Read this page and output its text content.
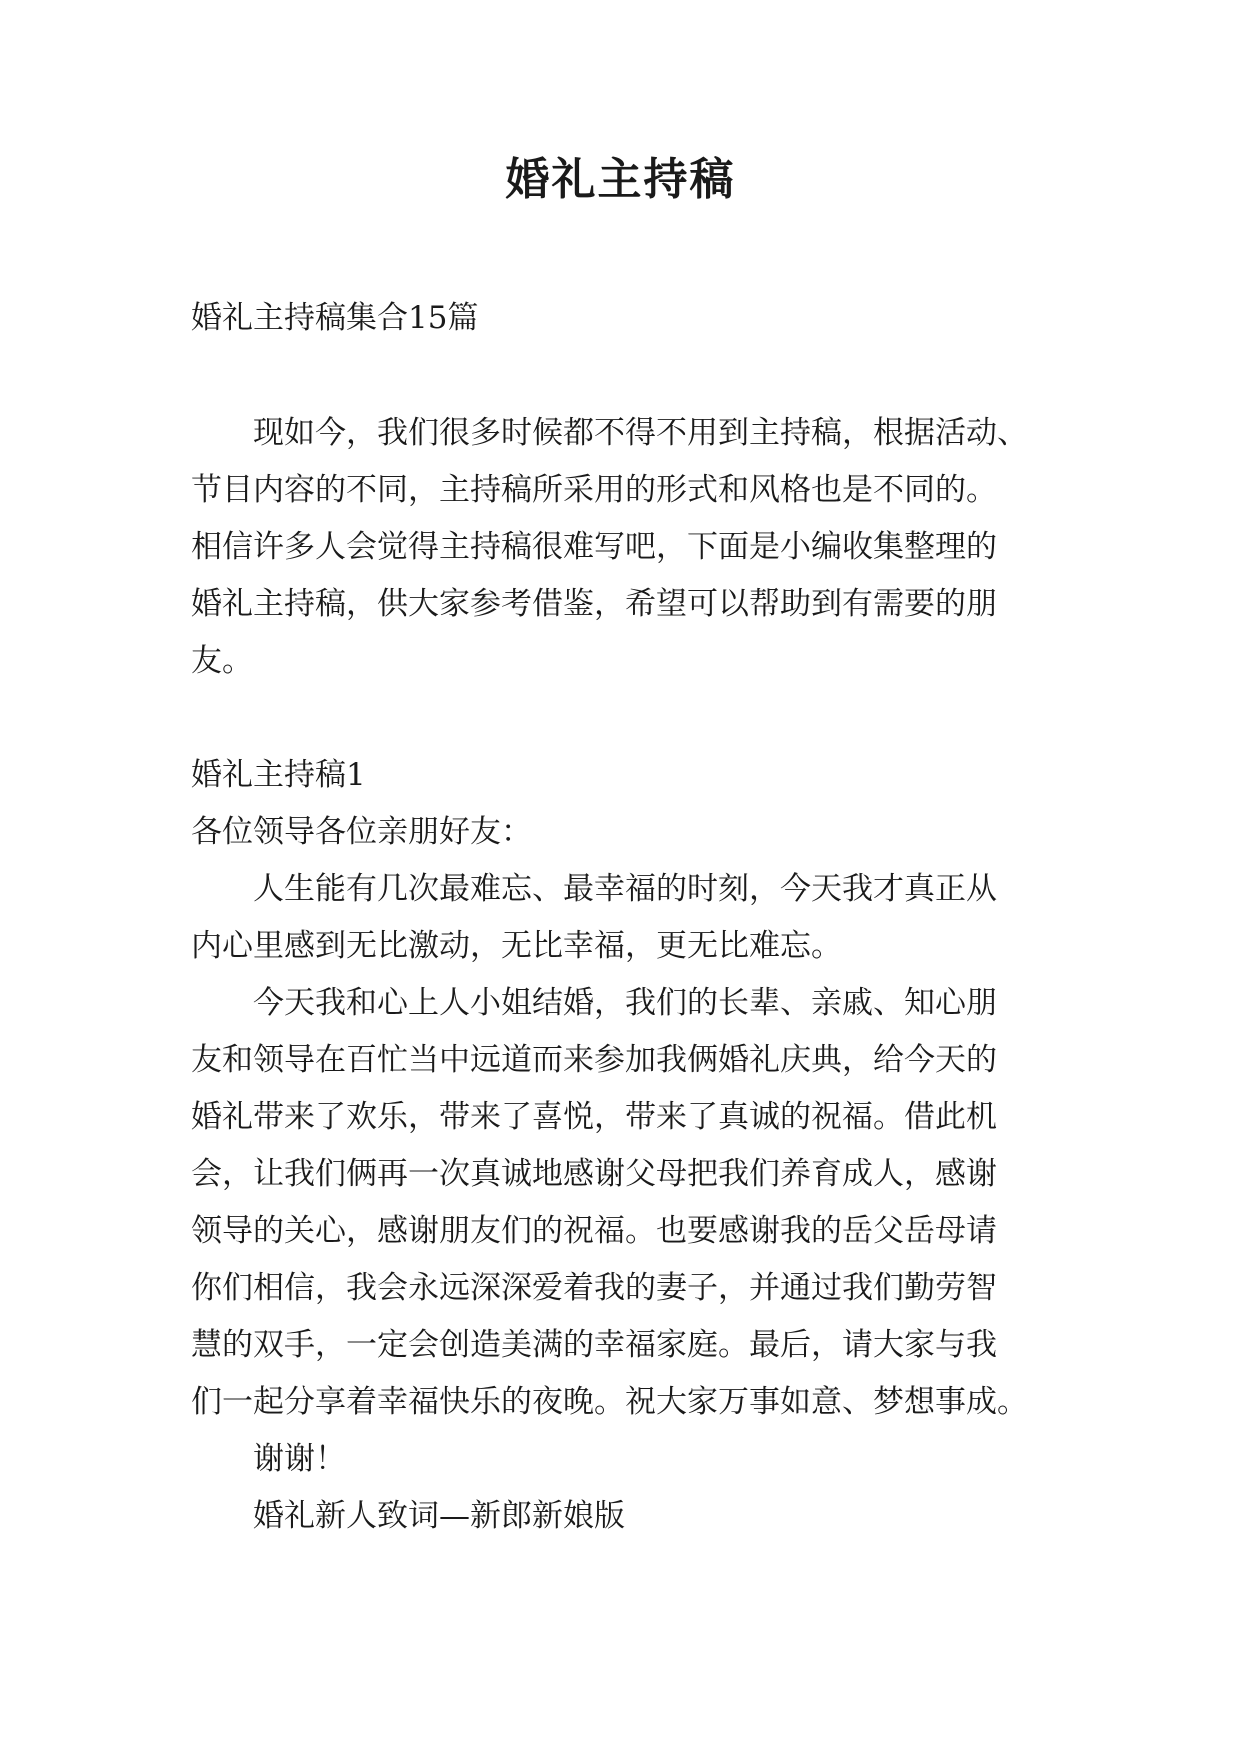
婚礼主持稿

婚礼主持稿集合15篇

现如今，我们很多时候都不得不用到主持稿，根据活动、

节目内容的不同，主持稿所采用的形式和风格也是不同的。

相信许多人会觉得主持稿很难写吧，下面是小编收集整理的

婚礼主持稿，供大家参考借鉴，希望可以帮助到有需要的朋

友。

婚礼主持稿1

各位领导各位亲朋好友：

人生能有几次最难忘、最幸福的时刻，今天我才真正从

内心里感到无比激动，无比幸福，更无比难忘。

今天我和心上人小姐结婚，我们的长辈、亲戚、知心朋

友和领导在百忙当中远道而来参加我俩婚礼庆典，给今天的

婚礼带来了欢乐，带来了喜悦，带来了真诚的祝福。借此机

会，让我们俩再一次真诚地感谢父母把我们养育成人，感谢

领导的关心，感谢朋友们的祝福。也要感谢我的岳父岳母请

你们相信，我会永远深深爱着我的妻子，并通过我们勤劳智

慧的双手，一定会创造美满的幸福家庭。最后，请大家与我

们一起分享着幸福快乐的夜晚。祝大家万事如意、梦想事成。

谢谢！

婚礼新人致词—新郎新娘版
